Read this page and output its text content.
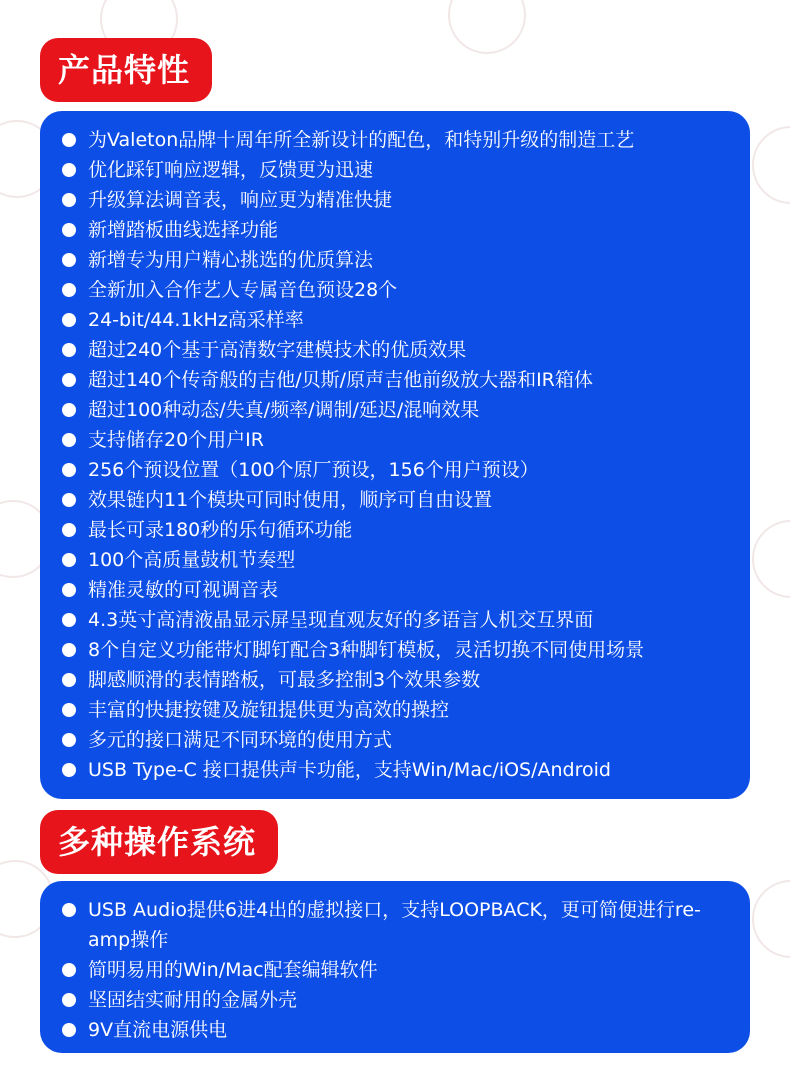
产品特性
为Valeton品牌十周年所全新设计的配色，和特别升级的制造工艺
优化踩钉响应逻辑，反馈更为迅速
升级算法调音表，响应更为精准快捷
新增踏板曲线选择功能
新增专为用户精心挑选的优质算法
全新加入合作艺人专属音色预设28个
24-bit/44.1kHz高采样率
超过240个基于高清数字建模技术的优质效果
超过140个传奇般的吉他/贝斯/原声吉他前级放大器和IR箱体
超过100种动态/失真/频率/调制/延迟/混响效果
支持储存20个用户IR
256个预设位置（100个原厂预设，156个用户预设）
效果链内11个模块可同时使用，顺序可自由设置
最长可录180秒的乐句循环功能
100个高质量鼓机节奏型
精准灵敏的可视调音表
4.3英寸高清液晶显示屏呈现直观友好的多语言人机交互界面
8个自定义功能带灯脚钉配合3种脚钉模板，灵活切换不同使用场景
脚感顺滑的表情踏板，可最多控制3个效果参数
丰富的快捷按键及旋钮提供更为高效的操控
多元的接口满足不同环境的使用方式
USB Type-C 接口提供声卡功能，支持Win/Mac/iOS/Android
多种操作系统
USB Audio提供6进4出的虚拟接口，支持LOOPBACK，更可简便进行re-amp操作
简明易用的Win/Mac配套编辑软件
坚固结实耐用的金属外壳
9V直流电源供电
